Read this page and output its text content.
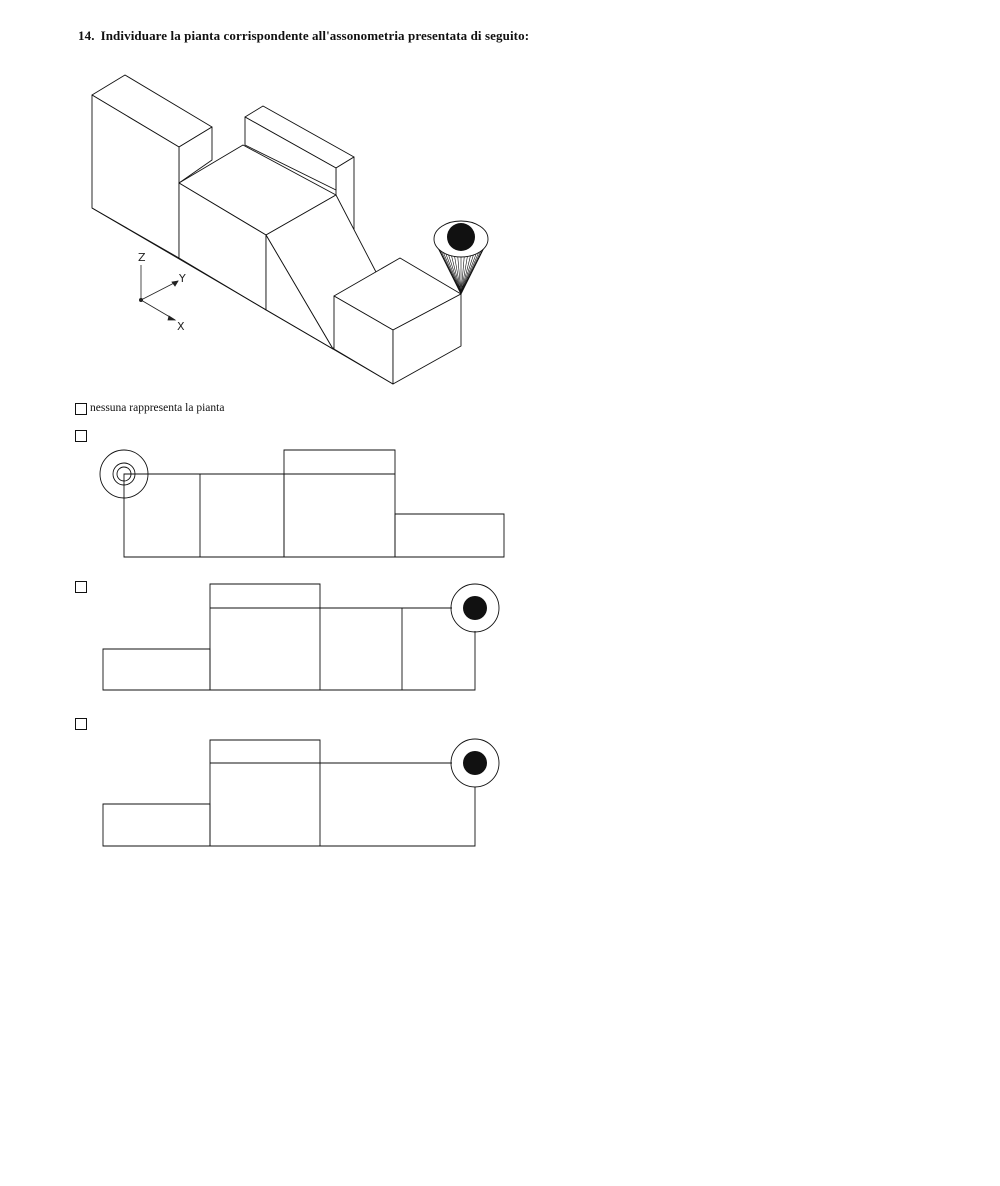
14. Individuare la pianta corrispondente all'assonometria presentata di seguito:
Z
Y
X
nessuna rappresenta la pianta
